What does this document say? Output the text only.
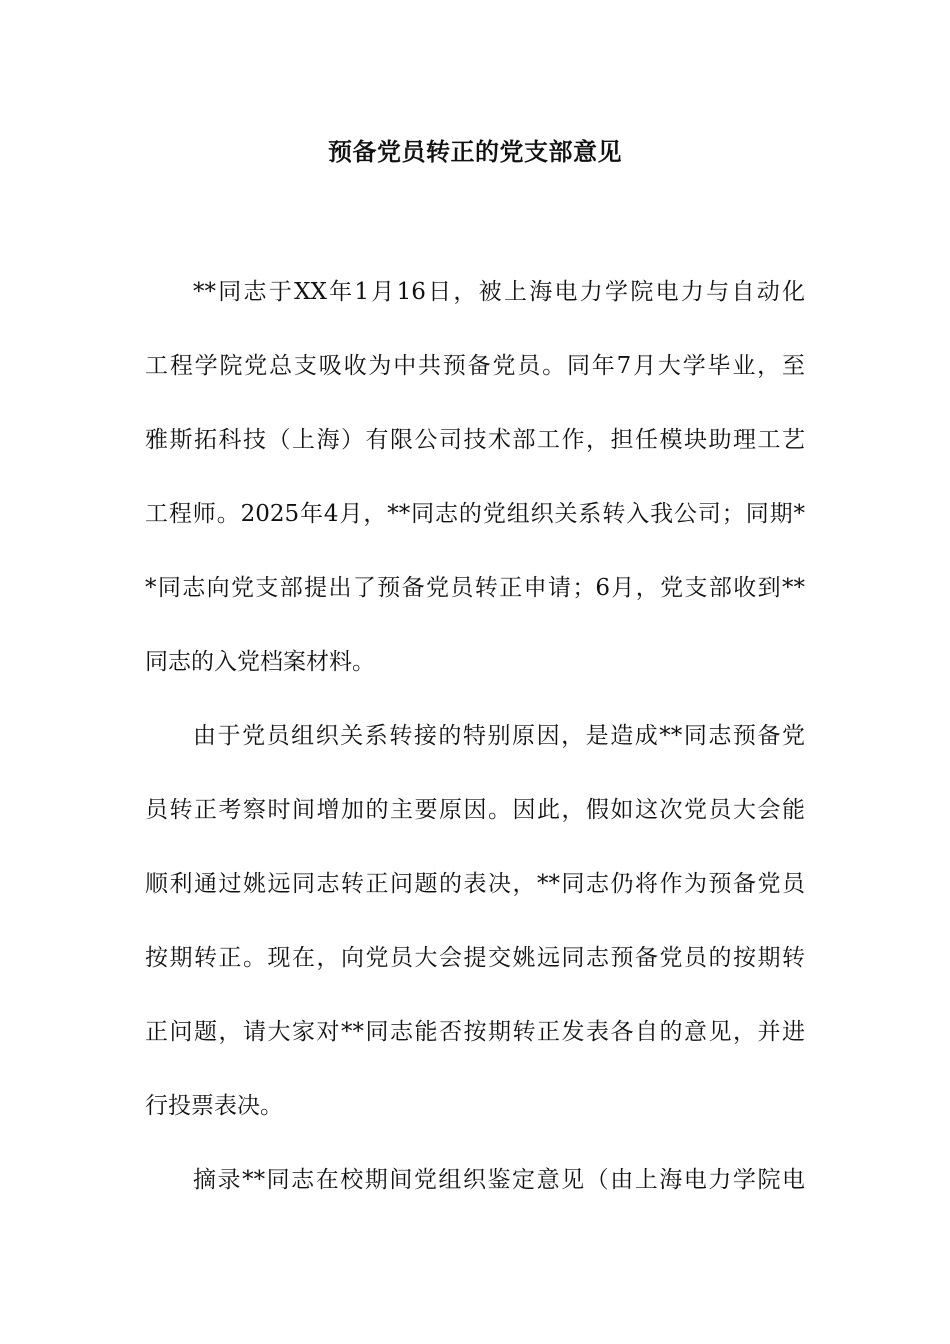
预备党员转正的党支部意见
**同志于XX年1月16日，被上海电力学院电力与自动化
工程学院党总支吸收为中共预备党员。同年7月大学毕业，至
雅斯拓科技（上海）有限公司技术部工作，担任模块助理工艺
工程师。2025年4月，**同志的党组织关系转入我公司；同期*
*同志向党支部提出了预备党员转正申请；6月，党支部收到**
同志的入党档案材料。
由于党员组织关系转接的特别原因，是造成**同志预备党
员转正考察时间增加的主要原因。因此，假如这次党员大会能
顺利通过姚远同志转正问题的表决，**同志仍将作为预备党员
按期转正。现在，向党员大会提交姚远同志预备党员的按期转
正问题，请大家对**同志能否按期转正发表各自的意见，并进
行投票表决。
摘录**同志在校期间党组织鉴定意见（由上海电力学院电
